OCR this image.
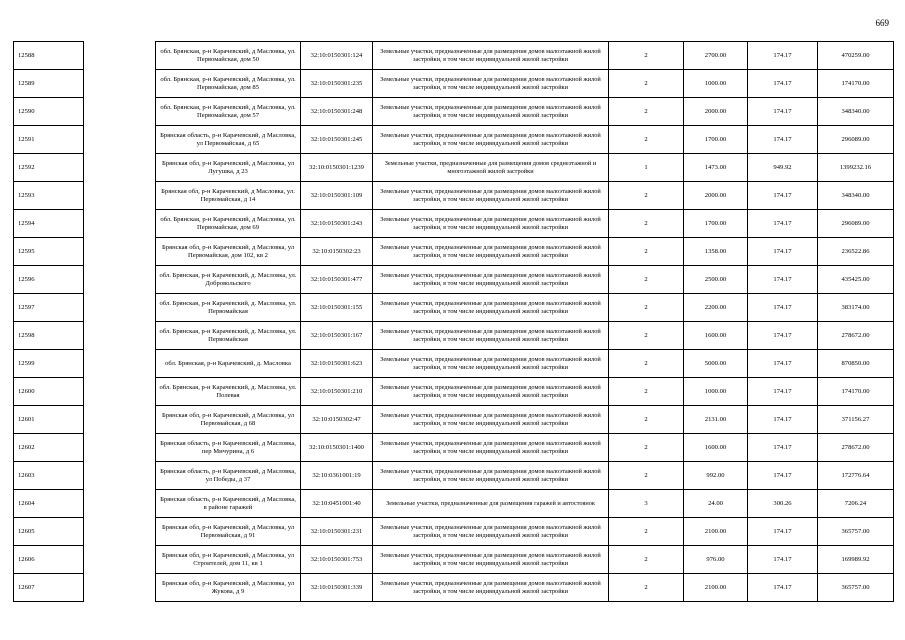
669
12588		обл. Брянская, р-н Карачевский, д Масловка, ул. Первомайская, дом 50	32:10:0150301:124	Земельные участки, предназначенные для размещения домов малоэтажной жилой застройки, в том числе индивидуальной жилой застройки	2	2700.00	174.17	470259.00
12589		обл. Брянская, р-н Карачевский, д Масловка, ул. Первомайская, дом 85	32:10:0150301:235	Земельные участки, предназначенные для размещения домов малоэтажной жилой застройки, в том числе индивидуальной жилой застройки	2	1000.00	174.17	174170.00
12590		обл. Брянская, р-н Карачевский, д Масловка, ул. Первомайская, дом 57	32:10:0150301:248	Земельные участки, предназначенные для размещения домов малоэтажной жилой застройки, в том числе индивидуальной жилой застройки	2	2000.00	174.17	348340.00
12591		Брянская область, р-н Карачевский, д Масловка, ул Первомайская, д 65	32:10:0150301:245	Земельные участки, предназначенные для размещения домов малоэтажной жилой застройки, в том числе индивидуальной жилой застройки	2	1700.00	174.17	296089.00
12592		Брянская обл, р-н Карачевский, д Масловка, ул Лугушка, д 23	32:10:0150301:1239	Земельные участки, предназначенные для размещения домов среднеэтажной и многоэтажной жилой застройки	1	1473.00	949.92	1399232.16
12593		Брянская обл, р-н Карачевский, д Масловка, ул. Первомайская, д 14	32:10:0150301:109	Земельные участки, предназначенные для размещения домов малоэтажной жилой застройки, в том числе индивидуальной жилой застройки	2	2000.00	174.17	348340.00
12594		обл. Брянская, р-н Карачевский, д Масловка, ул. Первомайская, дом 69	32:10:0150301:243	Земельные участки, предназначенные для размещения домов малоэтажной жилой застройки, в том числе индивидуальной жилой застройки	2	1700.00	174.17	296089.00
12595		Брянская обл, р-н Карачевский, д Масловка, ул Первомайская, дом 102, кв 2	32:10:0150302:23	Земельные участки, предназначенные для размещения домов малоэтажной жилой застройки, в том числе индивидуальной жилой застройки	2	1358.00	174.17	236522.86
12596		обл. Брянская, р-н Карачевский, д. Масловка, ул. Добровольского	32:10:0150301:477	Земельные участки, предназначенные для размещения домов малоэтажной жилой застройки, в том числе индивидуальной жилой застройки	2	2500.00	174.17	435425.00
12597		обл. Брянская, р-н Карачевский, д. Масловка, ул. Первомайская	32:10:0150301:155	Земельные участки, предназначенные для размещения домов малоэтажной жилой застройки, в том числе индивидуальной жилой застройки	2	2200.00	174.17	383174.00
12598		обл. Брянская, р-н Карачевский, д. Масловка, ул. Первомайская	32:10:0150301:167	Земельные участки, предназначенные для размещения домов малоэтажной жилой застройки, в том числе индивидуальной жилой застройки	2	1600.00	174.17	278672.00
12599		обл. Брянская, р-н Карачевский, д. Масловка	32:10:0150301:623	Земельные участки, предназначенные для размещения домов малоэтажной жилой застройки, в том числе индивидуальной жилой застройки	2	5000.00	174.17	870850.00
12600		обл. Брянская, р-н Карачевский, д. Масловка, ул. Полевая	32:10:0150301:210	Земельные участки, предназначенные для размещения домов малоэтажной жилой застройки, в том числе индивидуальной жилой застройки	2	1000.00	174.17	174170.00
12601		Брянская обл, р-н Карачевский, д Масловка, ул Первомайская, д 68	32:10:0150302:47	Земельные участки, предназначенные для размещения домов малоэтажной жилой застройки, в том числе индивидуальной жилой застройки	2	2131.00	174.17	371156.27
12602		Брянская область, р-н Карачевский, д Масловка, пер Мичурина, д 6	32:10:0150301:1400	Земельные участки, предназначенные для размещения домов малоэтажной жилой застройки, в том числе индивидуальной жилой застройки	2	1600.00	174.17	278672.00
12603		Брянская область, р-н Карачевский, д Масловка, ул Победы, д 37	32:10:0361001:19	Земельные участки, предназначенные для размещения домов малоэтажной жилой застройки, в том числе индивидуальной жилой застройки	2	992.00	174.17	172776.64
12604		Брянская область, р-н Карачевский, д Масловка, в районе гаражей	32:10:0451001:40	Земельные участки, предназначенные для размещения гаражей и автостоянок	3	24.00	300.26	7206.24
12605		Брянская обл, р-н Карачевский, д Масловка, ул Первомайская, д 91	32:10:0150301:231	Земельные участки, предназначенные для размещения домов малоэтажной жилой застройки, в том числе индивидуальной жилой застройки	2	2100.00	174.17	365757.00
12606		Брянская обл, р-н Карачевский, д Масловка, ул Строителей, дом 11, кв 1	32:10:0150301:753	Земельные участки, предназначенные для размещения домов малоэтажной жилой застройки, в том числе индивидуальной жилой застройки	2	976.00	174.17	169989.92
12607		Брянская обл, р-н Карачевский, д Масловка, ул Жукова, д 9	32:10:0150301:339	Земельные участки, предназначенные для размещения домов малоэтажной жилой застройки, в том числе индивидуальной жилой застройки	2	2100.00	174.17	365757.00
